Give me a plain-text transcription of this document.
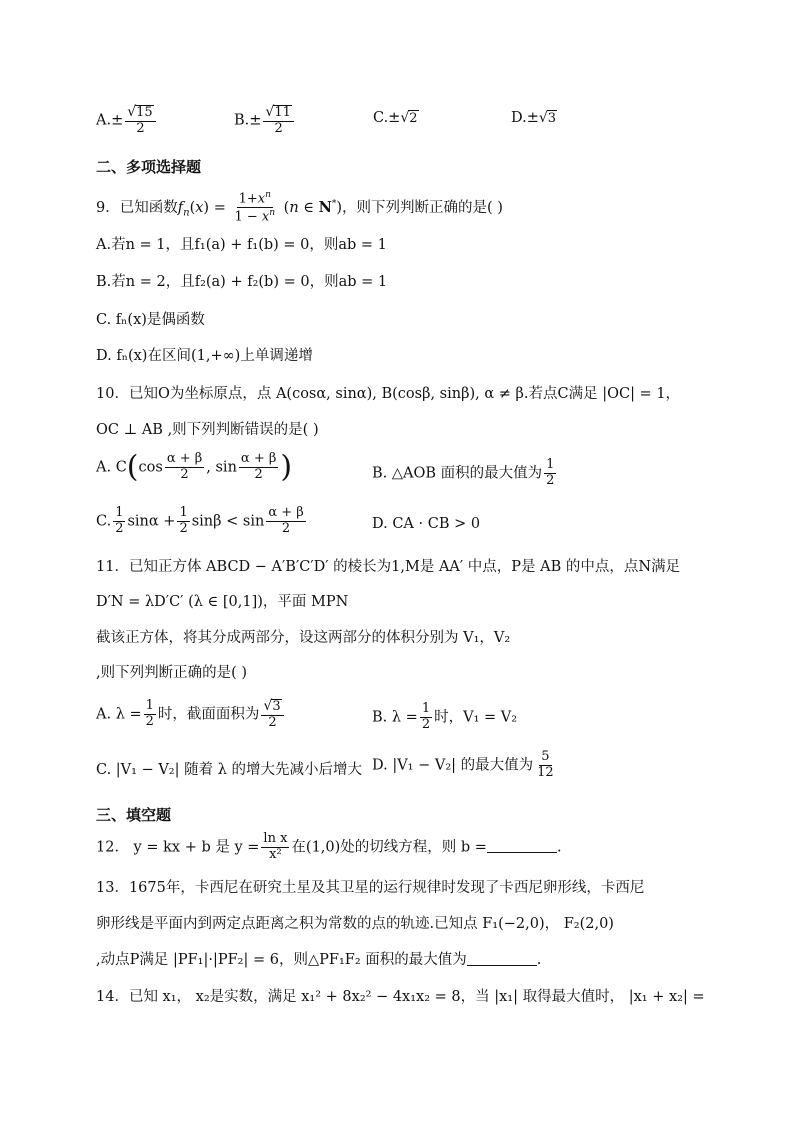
$A.\pm \frac{√15}{2}$	$B.\pm \frac{√11}{2}$	C.±√2	D.±√3
二、多项选择题
9．已知函数$f_n(x) = \frac{1+x^n}{1 - x^n} (n$ ∈ N*)，则下列判断正确的是( )
A.若n = 1，且f₁(a) + f₁(b) = 0，则ab = 1
B.若n = 2，且f₂(a) + f₂(b) = 0，则ab = 1
C. fₙ(x)是偶函数
D. fₙ(x)在区间(1,+∞)上单调递增
10．已知O为坐标原点，点 A(cosα, sinα), B(cosβ, sinβ), α ≠ β.若点C满足 |OC| = 1，
OC ⊥ AB ,则下列判断错误的是( )
A. $C(\cos \frac{\alpha + \beta}{2}$ , $\sin \frac{\alpha + \beta}{2}$ )	B. △AOB 面积的最大值为 $\frac{1}{2}$
C. $\frac{1}{2}$ $\sin\alpha + \frac{1}{2}$ $\sin\beta < \sin \frac{\alpha + \beta}{2}$	D. CA · CB > 0
11．已知正方体 ABCD − A′B′C′D′ 的棱长为1,M是 AA′ 中点，P是 AB 的中点，点N满足
D′N = λD′C′ (λ ∈ [0,1])，平面 MPN
截该正方体，将其分成两部分，设这两部分的体积分别为 V₁，V₂
,则下列判断正确的是( )
A. $\lambda = \frac{1}{2}$ 时，截面面积为 $\frac{√3}{2}$	B. $\lambda = \frac{1}{2}$ 时，V₁ = V₂
C. |V₁ − V₂| 随着 λ 的增大先减小后增大 D. |V₁ − V₂| 的最大值为 $\frac{5}{12}$
三、填空题
12． y = kx + b 是 $y = \frac{\text{ln x}}{\text{x²}}$ 在(1,0)处的切线方程，则 b =	.
13．1675年，卡西尼在研究土星及其卫星的运行规律时发现了卡西尼卵形线，卡西尼
卵形线是平面内到两定点距离之积为常数的点的轨迹.已知点 F₁(−2,0)， F₂(2,0)
,动点P满足 |PF₁|·|PF₂| = 6，则△PF₁F₂ 面积的最大值为	.
14．已知 x₁， x₂是实数，满足 x₁² + 8x₂² − 4x₁x₂ = 8，当 |x₁| 取得最大值时， |x₁ + x₂| =
